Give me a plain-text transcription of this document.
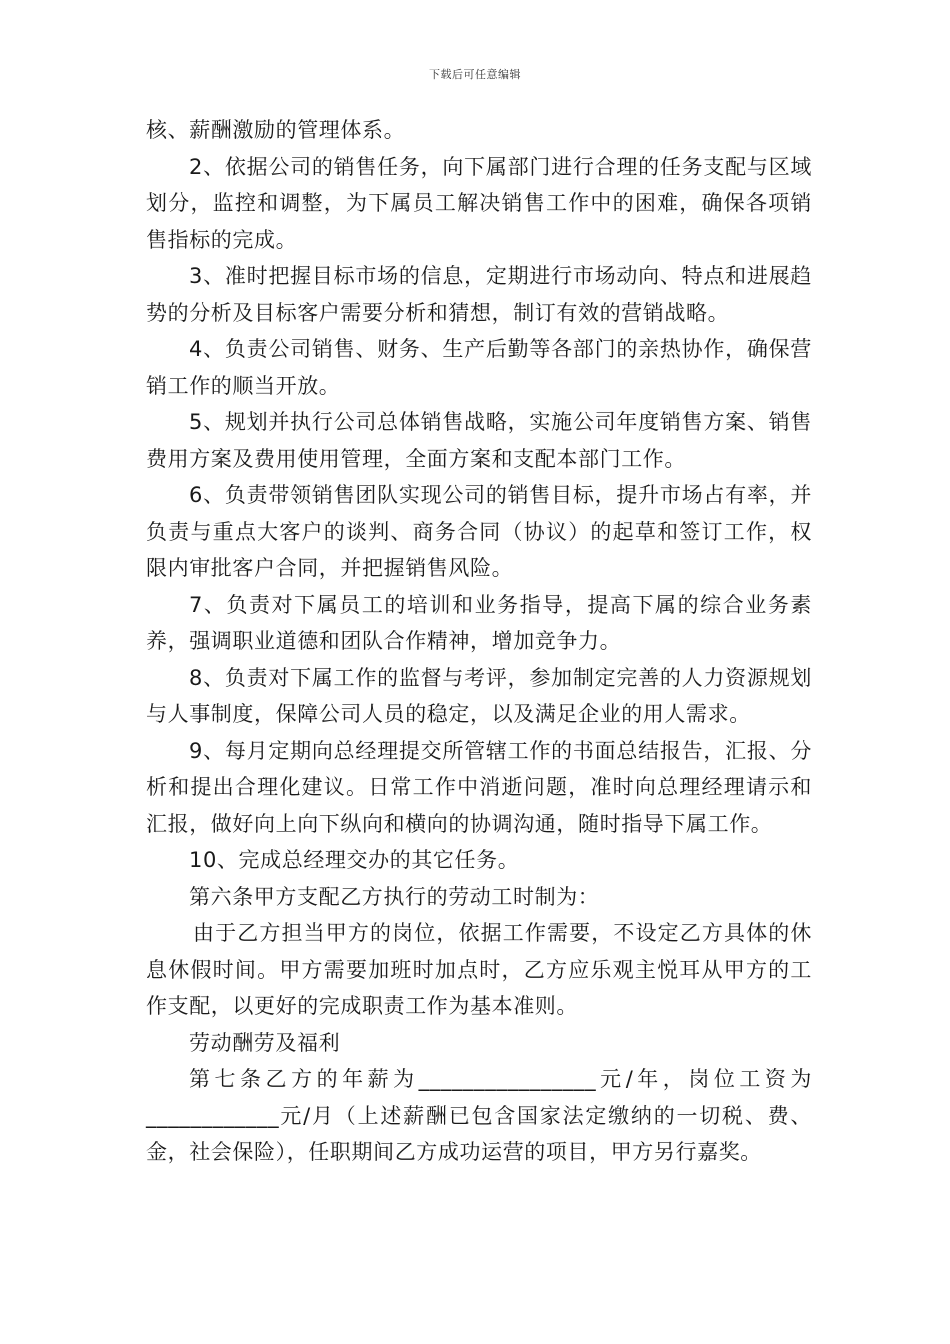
下载后可任意编辑

核、薪酬激励的管理体系。

2、依据公司的销售任务，向下属部门进行合理的任务支配与区域划分，监控和调整，为下属员工解决销售工作中的困难，确保各项销售指标的完成。

3、准时把握目标市场的信息，定期进行市场动向、特点和进展趋势的分析及目标客户需要分析和猜想，制订有效的营销战略。

4、负责公司销售、财务、生产后勤等各部门的亲热协作，确保营销工作的顺当开放。

5、规划并执行公司总体销售战略，实施公司年度销售方案、销售费用方案及费用使用管理，全面方案和支配本部门工作。

6、负责带领销售团队实现公司的销售目标，提升市场占有率，并负责与重点大客户的谈判、商务合同（协议）的起草和签订工作，权限内审批客户合同，并把握销售风险。

7、负责对下属员工的培训和业务指导，提高下属的综合业务素养，强调职业道德和团队合作精神，增加竞争力。

8、负责对下属工作的监督与考评，参加制定完善的人力资源规划与人事制度，保障公司人员的稳定，以及满足企业的用人需求。

9、每月定期向总经理提交所管辖工作的书面总结报告，汇报、分析和提出合理化建议。日常工作中消逝问题，准时向总理经理请示和汇报，做好向上向下纵向和横向的协调沟通，随时指导下属工作。

10、完成总经理交办的其它任务。

第六条甲方支配乙方执行的劳动工时制为：

由于乙方担当甲方的岗位，依据工作需要，不设定乙方具体的休息休假时间。甲方需要加班时加点时，乙方应乐观主悦耳从甲方的工作支配，以更好的完成职责工作为基本准则。

劳动酬劳及福利

第七条乙方的年薪为________________元/年，岗位工资为____________元/月（上述薪酬已包含国家法定缴纳的一切税、费、金，社会保险），任职期间乙方成功运营的项目，甲方另行嘉奖。
